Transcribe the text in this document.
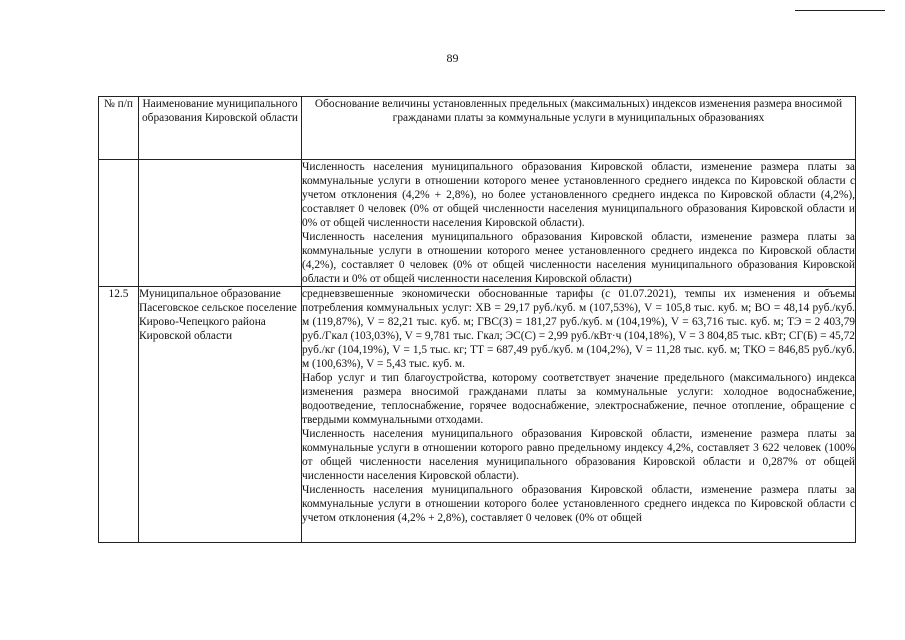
89
№ п/п	Наименование муниципального образования Кировской области	Обоснование величины установленных предельных (максимальных) индексов изменения размера вносимой гражданами платы за коммунальные услуги в муниципальных образованиях

		Численность населения муниципального образования Кировской области, изменение размера платы за коммунальные услуги в отношении которого менее установленного среднего индекса по Кировской области с учетом отклонения (4,2% + 2,8%), но более установленного среднего индекса по Кировской области (4,2%), составляет 0 человек (0% от общей численности населения муниципального образования Кировской области и 0% от общей численности населения Кировской области).

Численность населения муниципального образования Кировской области, изменение размера платы за коммунальные услуги в отношении которого менее установленного среднего индекса по Кировской области (4,2%), составляет 0 человек (0% от общей численности населения муниципального образования Кировской области и 0% от общей численности населения Кировской области)

12.5	Муниципальное образование Пасеговское сельское поселение Кирово-Чепецкого района Кировской области	средневзвешенные экономически обоснованные тарифы (с 01.07.2021), темпы их изменения и объемы потребления коммунальных услуг: ХВ = 29,17 руб./куб. м (107,53%), V = 105,8 тыс. куб. м; ВО = 48,14 руб./куб. м (119,87%), V = 82,21 тыс. куб. м; ГВС(З) = 181,27 руб./куб. м (104,19%), V = 63,716 тыс. куб. м; ТЭ = 2 403,79 руб./Гкал (103,03%), V = 9,781 тыс. Гкал; ЭС(С) = 2,99 руб./кВт·ч (104,18%), V = 3 804,85 тыс. кВт; СГ(Б) = 45,72 руб./кг (104,19%), V = 1,5 тыс. кг; ТТ = 687,49 руб./куб. м (104,2%), V = 11,28 тыс. куб. м; ТКО = 846,85 руб./куб. м (100,63%), V = 5,43 тыс. куб. м.

Набор услуг и тип благоустройства, которому соответствует значение предельного (максимального) индекса изменения размера вносимой гражданами платы за коммунальные услуги: холодное водоснабжение, водоотведение, теплоснабжение, горячее водоснабжение, электроснабжение, печное отопление, обращение с твердыми коммунальными отходами.

Численность населения муниципального образования Кировской области, изменение размера платы за коммунальные услуги в отношении которого равно предельному индексу 4,2%, составляет 3 622 человек (100% от общей численности населения муниципального образования Кировской области и 0,287% от общей численности населения Кировской области).

Численность населения муниципального образования Кировской области, изменение размера платы за коммунальные услуги в отношении которого более установленного среднего индекса по Кировской области с учетом отклонения (4,2% + 2,8%), составляет 0 человек (0% от общей
